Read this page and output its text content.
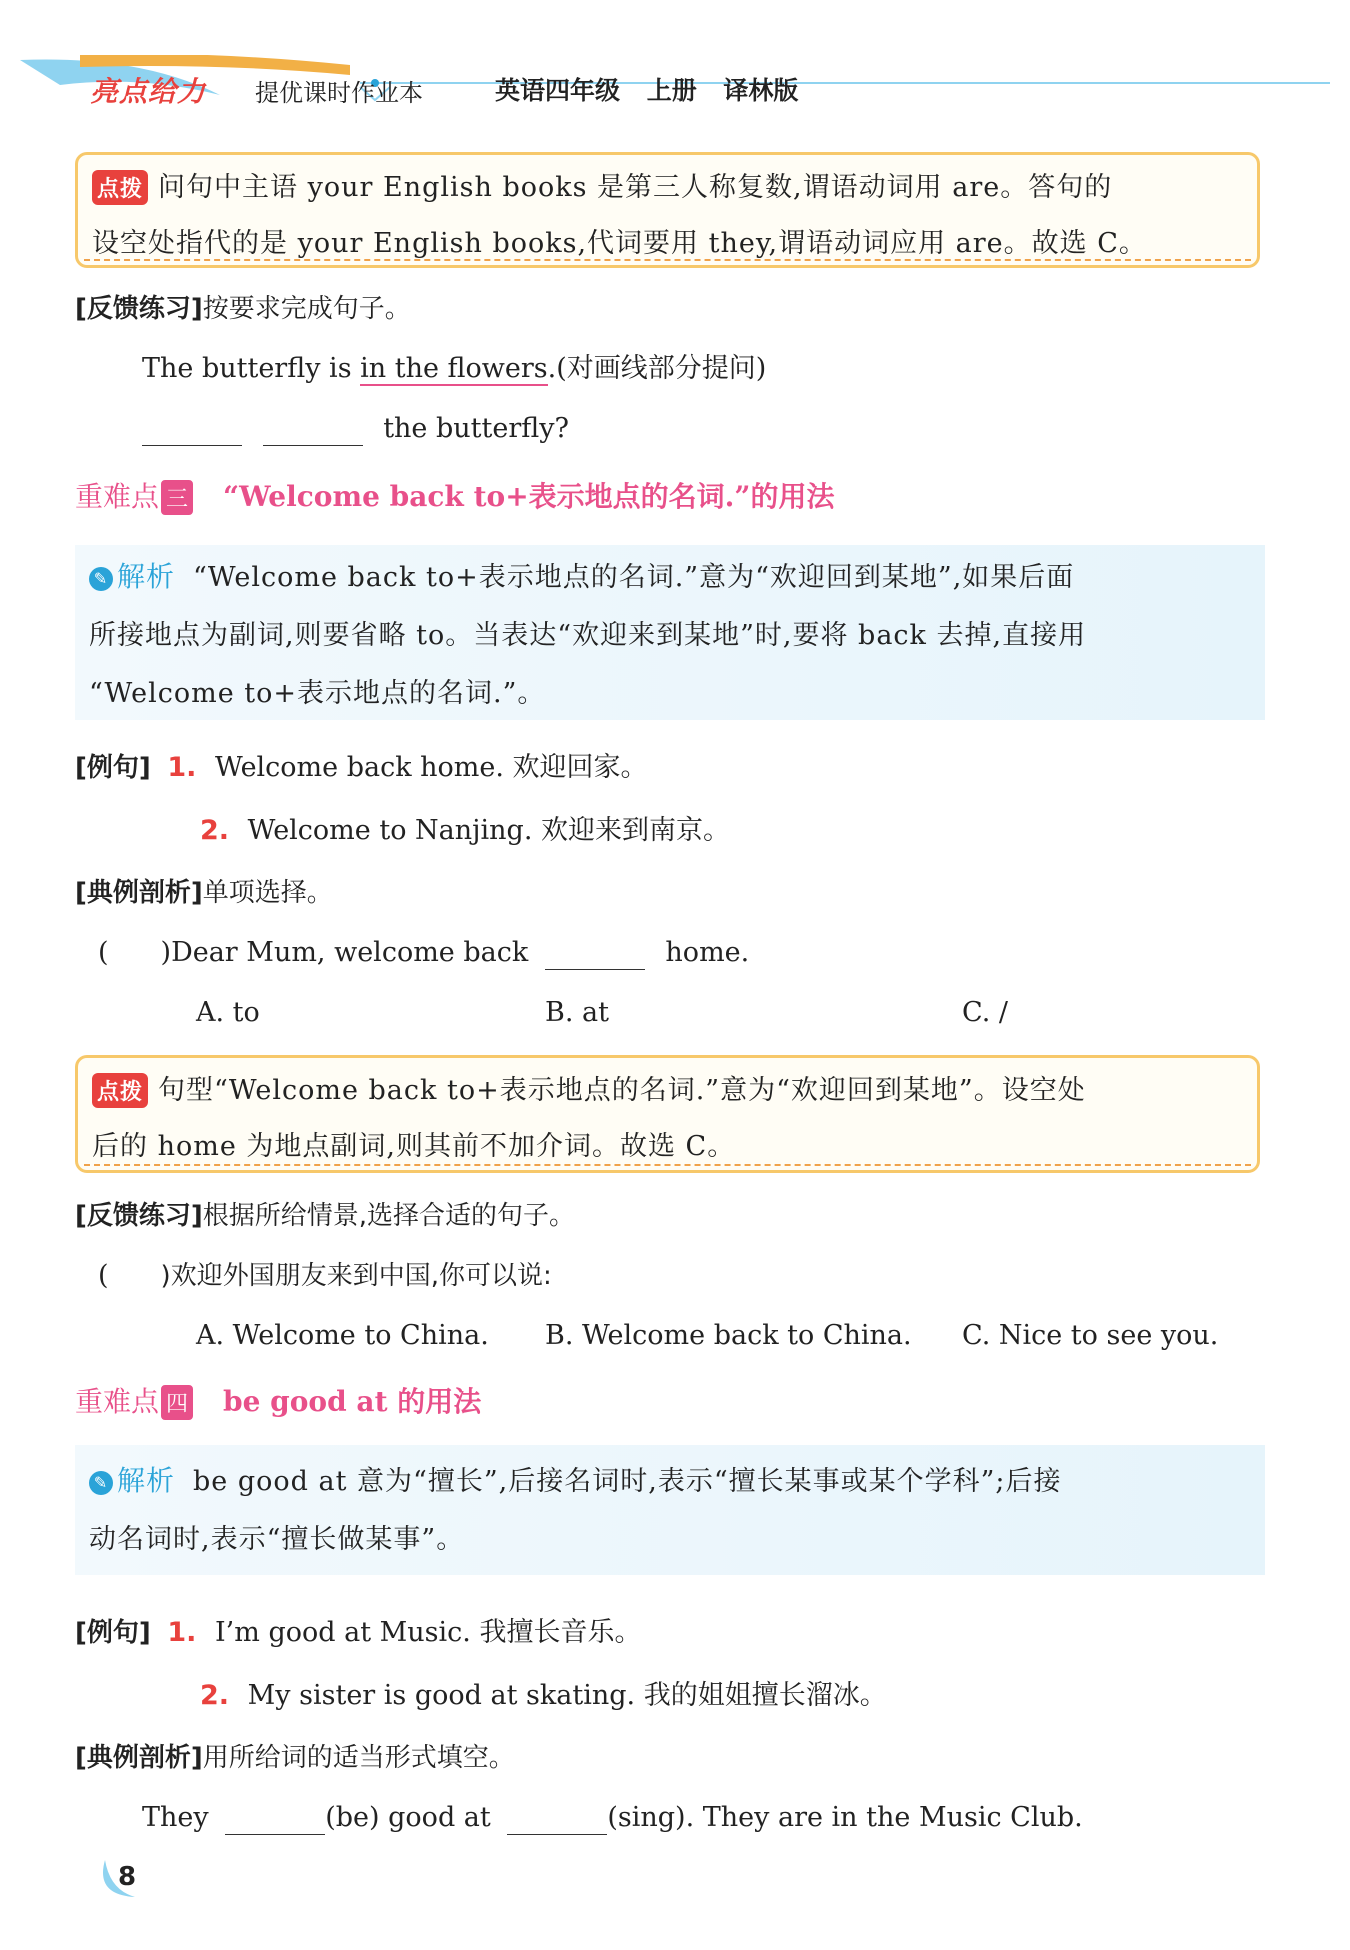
亮点给力 提优课时作业本	英语四年级 上册 译林版
点拨 问句中主语 your English books 是第三人称复数,谓语动词用 are。答句的
设空处指代的是 your English books,代词要用 they,谓语动词应用 are。故选 C。
[反馈练习]按要求完成句子。
The butterfly is in the flowers.(对画线部分提问)
the butterfly?
重难点 三 “Welcome back to+表示地点的名词.”的用法
✎ 解析 “Welcome back to+表示地点的名词.”意为“欢迎回到某地”,如果后面
所接地点为副词,则要省略 to。当表达“欢迎来到某地”时,要将 back 去掉,直接用
“Welcome to+表示地点的名词.”。
[例句] 1. Welcome back home. 欢迎回家。
2. Welcome to Nanjing. 欢迎来到南京。
[典例剖析]单项选择。
( )Dear Mum, welcome back	home.
A. to	B. at	C. /
点拨 句型“Welcome back to+表示地点的名词.”意为“欢迎回到某地”。设空处
后的 home 为地点副词,则其前不加介词。故选 C。
[反馈练习]根据所给情景,选择合适的句子。
( )欢迎外国朋友来到中国,你可以说:
A. Welcome to China. B. Welcome back to China. C. Nice to see you.
重难点 四 be good at 的用法
✎ 解析 be good at 意为“擅长”,后接名词时,表示“擅长某事或某个学科”;后接
动名词时,表示“擅长做某事”。
[例句] 1. I’m good at Music. 我擅长音乐。
2. My sister is good at skating. 我的姐姐擅长溜冰。
[典例剖析]用所给词的适当形式填空。
They	(be) good at	(sing). They are in the Music Club.
8
